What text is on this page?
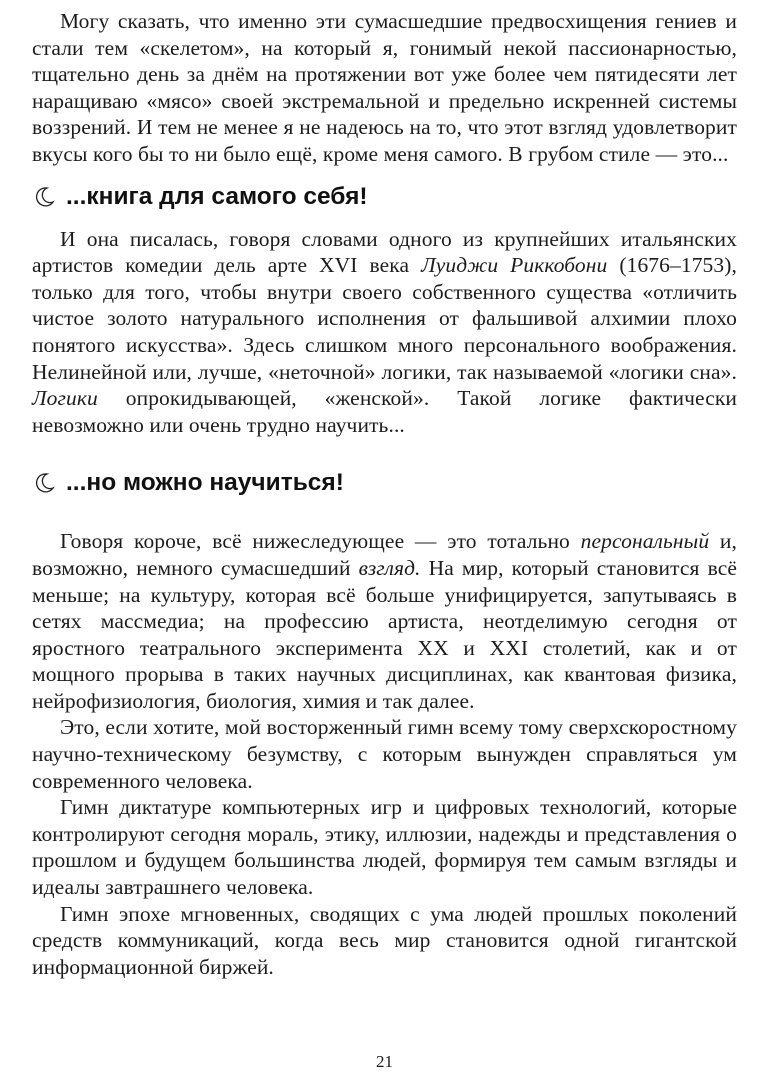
Могу сказать, что именно эти сумасшедшие предвосхищения гениев и стали тем «скелетом», на который я, гонимый некой пассионарностью, тщательно день за днём на протяжении вот уже более чем пятидесяти лет наращиваю «мясо» своей экстремальной и предельно искренней системы воззрений. И тем не менее я не надеюсь на то, что этот взгляд удовлетворит вкусы кого бы то ни было ещё, кроме меня самого. В грубом стиле — это...

...книга для самого себя!

И она писалась, говоря словами одного из крупнейших итальянских артистов комедии дель арте XVI века Луиджи Риккобони (1676–1753), только для того, чтобы внутри своего собственного существа «отличить чистое золото натурального исполнения от фальшивой алхимии плохо понятого искусства». Здесь слишком много персонального воображения. Нелинейной или, лучше, «неточной» логики, так называемой «логики сна». Логики опрокидывающей, «женской». Такой логике фактически невозможно или очень трудно научить...

...но можно научиться!

Говоря короче, всё нижеследующее — это тотально персональный и, возможно, немного сумасшедший взгляд. На мир, который становится всё меньше; на культуру, которая всё больше унифицируется, запутываясь в сетях массмедиа; на профессию артиста, неотделимую сегодня от яростного театрального эксперимента XX и XXI столетий, как и от мощного прорыва в таких научных дисциплинах, как квантовая физика, нейрофизиология, биология, химия и так далее.

Это, если хотите, мой восторженный гимн всему тому сверхскоростному научно-техническому безумству, с которым вынужден справляться ум современного человека.

Гимн диктатуре компьютерных игр и цифровых технологий, которые контролируют сегодня мораль, этику, иллюзии, надежды и представления о прошлом и будущем большинства людей, формируя тем самым взгляды и идеалы завтрашнего человека.

Гимн эпохе мгновенных, сводящих с ума людей прошлых поколений средств коммуникаций, когда весь мир становится одной гигантской информационной биржей.

21
